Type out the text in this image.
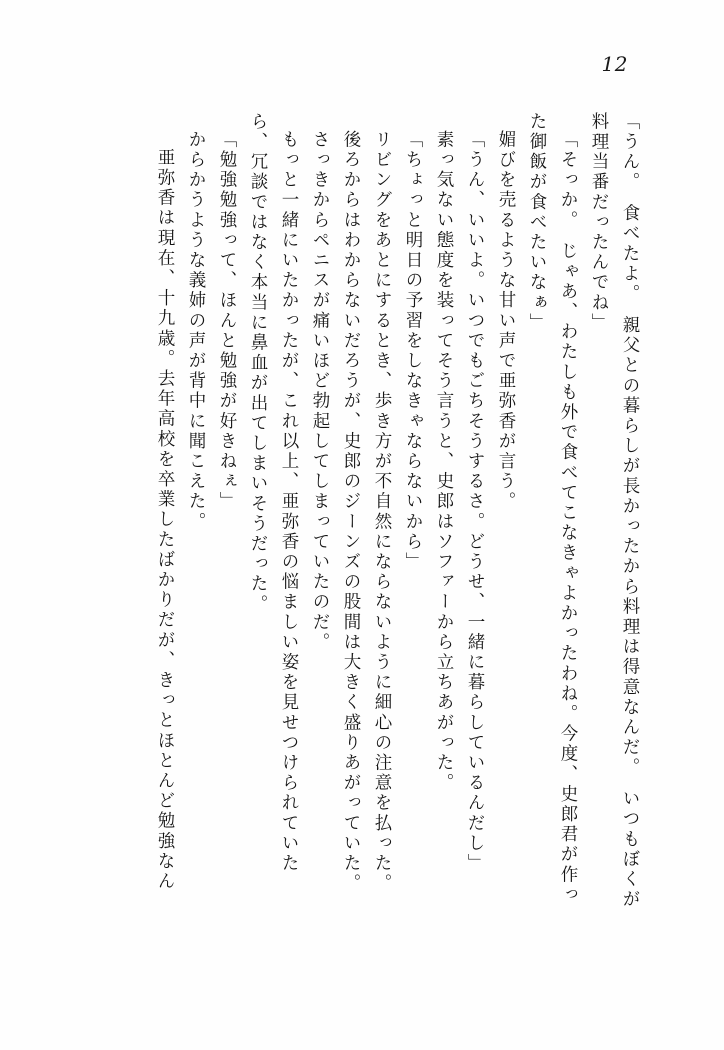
12
「うん。　食べたよ。　親父との暮らしが長かったから料理は得意なんだ。　いつもぼくが
料理当番だったんでね」
「そっか。　じゃあ、わたしも外で食べてこなきゃよかったわね。今度、史郎君が作っ
た御飯が食べたいなぁ」
媚びを売るような甘い声で亜弥香が言う。
「うん、いいよ。いつでもごちそうするさ。どうせ、一緒に暮らしているんだし」
素っ気ない態度を装ってそう言うと、史郎はソファーから立ちあがった。
「ちょっと明日の予習をしなきゃならないから」
リビングをあとにするとき、歩き方が不自然にならないように細心の注意を払った。
後ろからはわからないだろうが、史郎のジーンズの股間は大きく盛りあがっていた。
さっきからペニスが痛いほど勃起してしまっていたのだ。
もっと一緒にいたかったが、これ以上、亜弥香の悩ましい姿を見せつけられていた
ら、冗談ではなく本当に鼻血が出てしまいそうだった。
「勉強勉強って、ほんと勉強が好きねぇ」
からかうような義姉の声が背中に聞こえた。
亜弥香は現在、十九歳。去年高校を卒業したばかりだが、きっとほとんど勉強なん
